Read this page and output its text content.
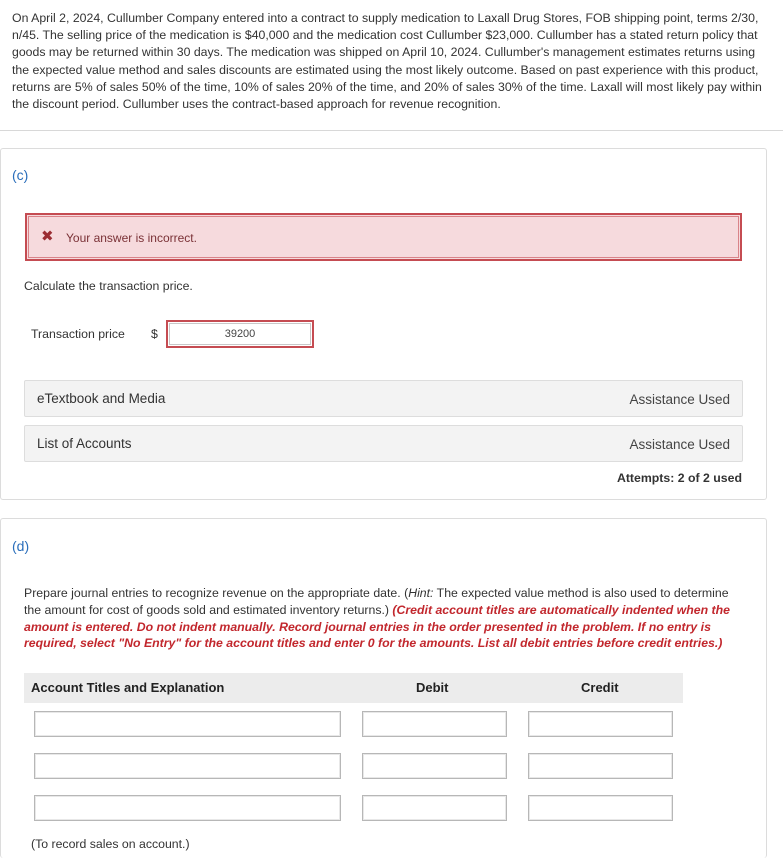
On April 2, 2024, Cullumber Company entered into a contract to supply medication to Laxall Drug Stores, FOB shipping point, terms 2/30, n/45. The selling price of the medication is $40,000 and the medication cost Cullumber $23,000. Cullumber has a stated return policy that goods may be returned within 30 days. The medication was shipped on April 10, 2024. Cullumber's management estimates returns using the expected value method and sales discounts are estimated using the most likely outcome. Based on past experience with this product, returns are 5% of sales 50% of the time, 10% of sales 20% of the time, and 20% of sales 30% of the time. Laxall will most likely pay within the discount period. Cullumber uses the contract-based approach for revenue recognition.
(c)
✖ Your answer is incorrect.
Calculate the transaction price.
Transaction price $
39200
eTextbook and Media	Assistance Used
List of Accounts	Assistance Used
Attempts: 2 of 2 used
(d)
Prepare journal entries to recognize revenue on the appropriate date. (Hint: The expected value method is also used to determine the amount for cost of goods sold and estimated inventory returns.) (Credit account titles are automatically indented when the amount is entered. Do not indent manually. Record journal entries in the order presented in the problem. If no entry is required, select "No Entry" for the account titles and enter 0 for the amounts. List all debit entries before credit entries.)
Account Titles and Explanation	Debit	Credit
(To record sales on account.)
